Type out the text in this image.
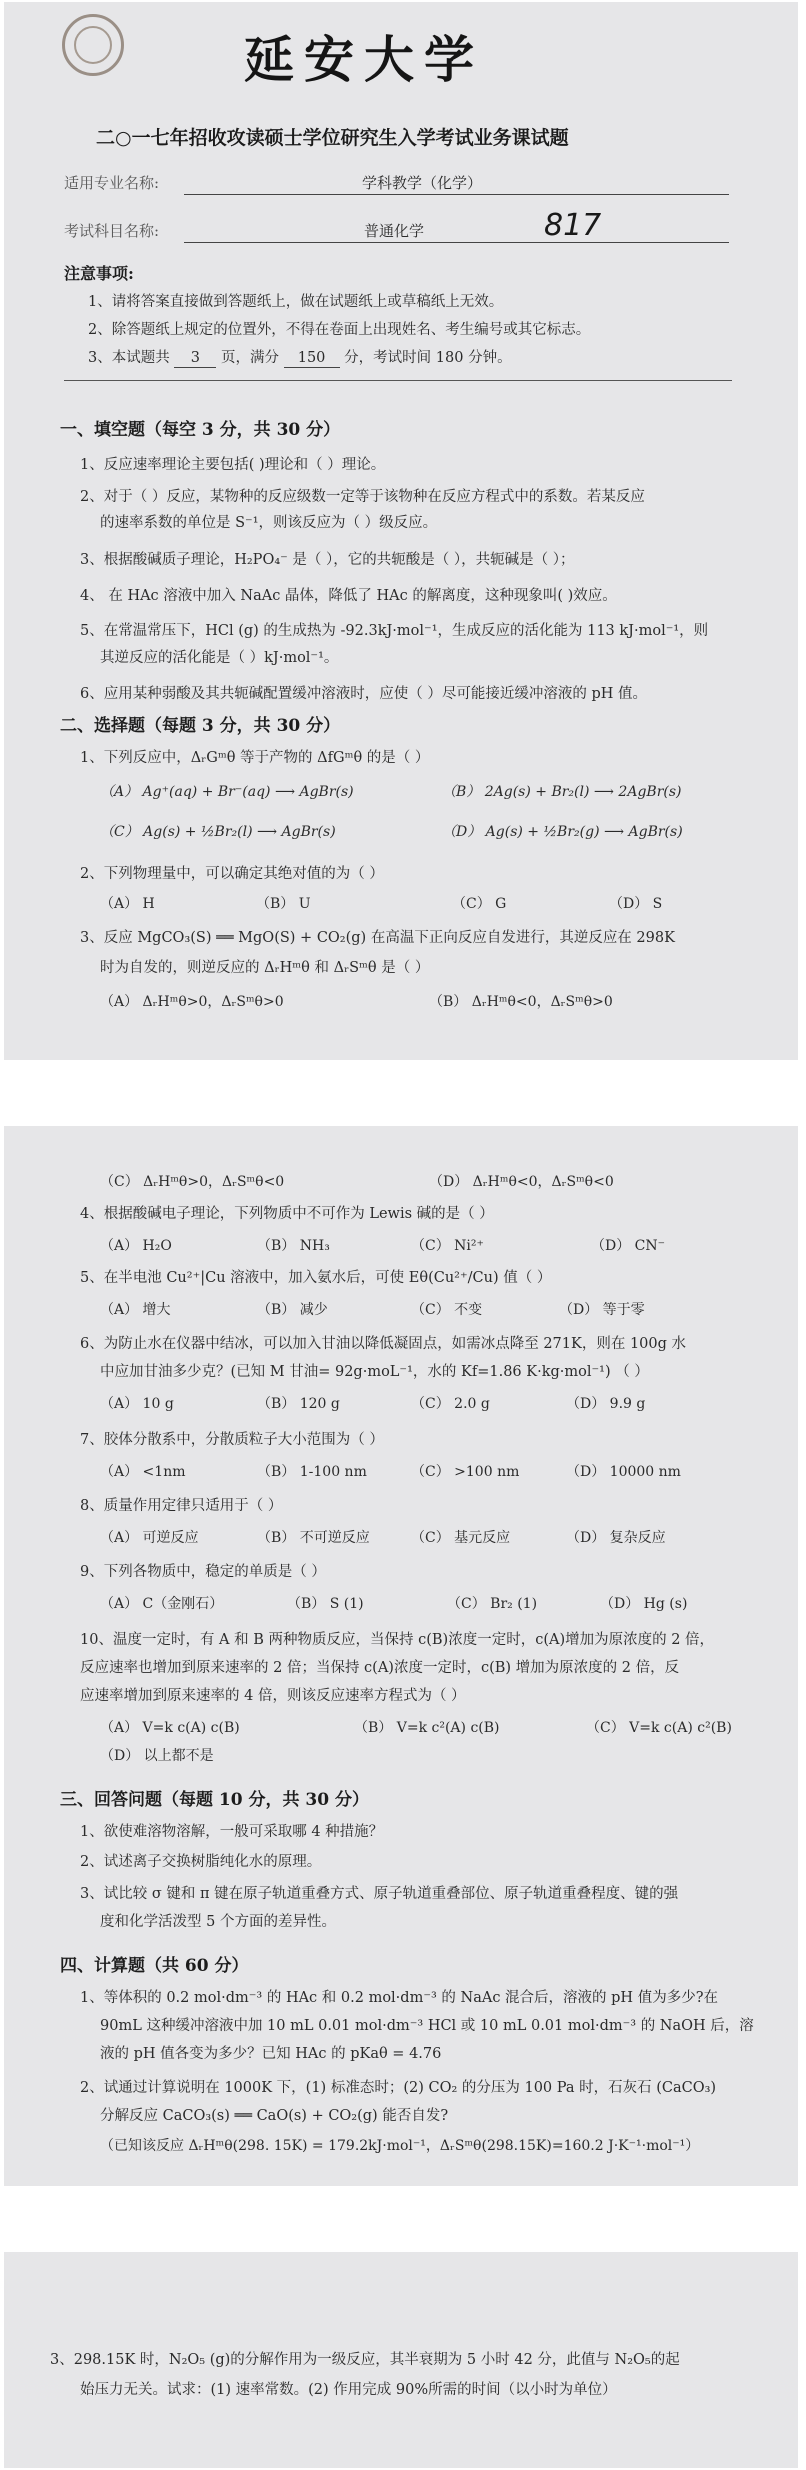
延安大学
二○一七年招收攻读硕士学位研究生入学考试业务课试题
适用专业名称:	学科教学（化学）
考试科目名称:	普通化学	817
注意事项:
1、请将答案直接做到答题纸上，做在试题纸上或草稿纸上无效。
2、除答题纸上规定的位置外，不得在卷面上出现姓名、考生编号或其它标志。
3、本试题共 3 页，满分 150 分，考试时间 180 分钟。
一、填空题（每空 3 分，共 30 分）
1、反应速率理论主要包括( )理论和（ ）理论。
2、对于（ ）反应，某物种的反应级数一定等于该物种在反应方程式中的系数。若某反应
的速率系数的单位是 S⁻¹，则该反应为（ ）级反应。
3、根据酸碱质子理论，H₂PO₄⁻ 是（ ），它的共轭酸是（ ），共轭碱是（ ）；
4、 在 HAc 溶液中加入 NaAc 晶体，降低了 HAc 的解离度，这种现象叫( )效应。
5、在常温常压下，HCl (g) 的生成热为 -92.3kJ·mol⁻¹，生成反应的活化能为 113 kJ·mol⁻¹，则
其逆反应的活化能是（ ）kJ·mol⁻¹。
6、应用某种弱酸及其共轭碱配置缓冲溶液时，应使（ ）尽可能接近缓冲溶液的 pH 值。
二、选择题（每题 3 分，共 30 分）
1、下列反应中，ΔᵣGᵐθ 等于产物的 ΔfGᵐθ 的是（ ）
（A） Ag⁺(aq) + Br⁻(aq) ⟶ AgBr(s)	（B） 2Ag(s) + Br₂(l) ⟶ 2AgBr(s)
（C） Ag(s) + ½Br₂(l) ⟶ AgBr(s)	（D） Ag(s) + ½Br₂(g) ⟶ AgBr(s)
2、下列物理量中，可以确定其绝对值的为（ ）
（A） H	（B） U	（C） G	（D） S
3、反应 MgCO₃(S) ══ MgO(S) + CO₂(g) 在高温下正向反应自发进行，其逆反应在 298K
时为自发的，则逆反应的 ΔᵣHᵐθ 和 ΔᵣSᵐθ 是（ ）
（A） ΔᵣHᵐθ>0，ΔᵣSᵐθ>0	（B） ΔᵣHᵐθ<0，ΔᵣSᵐθ>0
（C） ΔᵣHᵐθ>0，ΔᵣSᵐθ<0	（D） ΔᵣHᵐθ<0，ΔᵣSᵐθ<0
4、根据酸碱电子理论，下列物质中不可作为 Lewis 碱的是（ ）
（A） H₂O	（B） NH₃	（C） Ni²⁺	（D） CN⁻
5、在半电池 Cu²⁺|Cu 溶液中，加入氨水后，可使 Eθ(Cu²⁺/Cu) 值（ ）
（A） 增大	（B） 减少	（C） 不变	（D） 等于零
6、为防止水在仪器中结冰，可以加入甘油以降低凝固点，如需冰点降至 271K，则在 100g 水
中应加甘油多少克？(已知 M 甘油= 92g·moL⁻¹，水的 Kf=1.86 K·kg·mol⁻¹) （ ）
（A） 10 g	（B） 120 g	（C） 2.0 g	（D） 9.9 g
7、胶体分散系中，分散质粒子大小范围为（ ）
（A） <1nm	（B） 1-100 nm	（C） >100 nm	（D） 10000 nm
8、质量作用定律只适用于（ ）
（A） 可逆反应	（B） 不可逆反应	（C） 基元反应	（D） 复杂反应
9、下列各物质中，稳定的单质是（ ）
（A） C（金刚石）	（B） S (1)	（C） Br₂ (1)	（D） Hg (s)
10、温度一定时，有 A 和 B 两种物质反应，当保持 c(B)浓度一定时，c(A)增加为原浓度的 2 倍，
反应速率也增加到原来速率的 2 倍；当保持 c(A)浓度一定时，c(B) 增加为原浓度的 2 倍，反
应速率增加到原来速率的 4 倍，则该反应速率方程式为（ ）
（A） V=k c(A) c(B)	（B） V=k c²(A) c(B)	（C） V=k c(A) c²(B)
（D） 以上都不是
三、回答问题（每题 10 分，共 30 分）
1、欲使难溶物溶解，一般可采取哪 4 种措施？
2、试述离子交换树脂纯化水的原理。
3、试比较 σ 键和 π 键在原子轨道重叠方式、原子轨道重叠部位、原子轨道重叠程度、键的强
度和化学活泼型 5 个方面的差异性。
四、计算题（共 60 分）
1、等体积的 0.2 mol·dm⁻³ 的 HAc 和 0.2 mol·dm⁻³ 的 NaAc 混合后，溶液的 pH 值为多少?在
90mL 这种缓冲溶液中加 10 mL 0.01 mol·dm⁻³ HCl 或 10 mL 0.01 mol·dm⁻³ 的 NaOH 后，溶
液的 pH 值各变为多少？已知 HAc 的 pKaθ = 4.76
2、试通过计算说明在 1000K 下，(1) 标准态时；(2) CO₂ 的分压为 100 Pa 时，石灰石 (CaCO₃)
分解反应 CaCO₃(s) ══ CaO(s) + CO₂(g) 能否自发?
（已知该反应 ΔᵣHᵐθ(298. 15K) = 179.2kJ·mol⁻¹，ΔᵣSᵐθ(298.15K)=160.2 J·K⁻¹·mol⁻¹）
3、298.15K 时，N₂O₅ (g)的分解作用为一级反应，其半衰期为 5 小时 42 分，此值与 N₂O₅的起
始压力无关。试求：(1) 速率常数。(2) 作用完成 90%所需的时间（以小时为单位）
